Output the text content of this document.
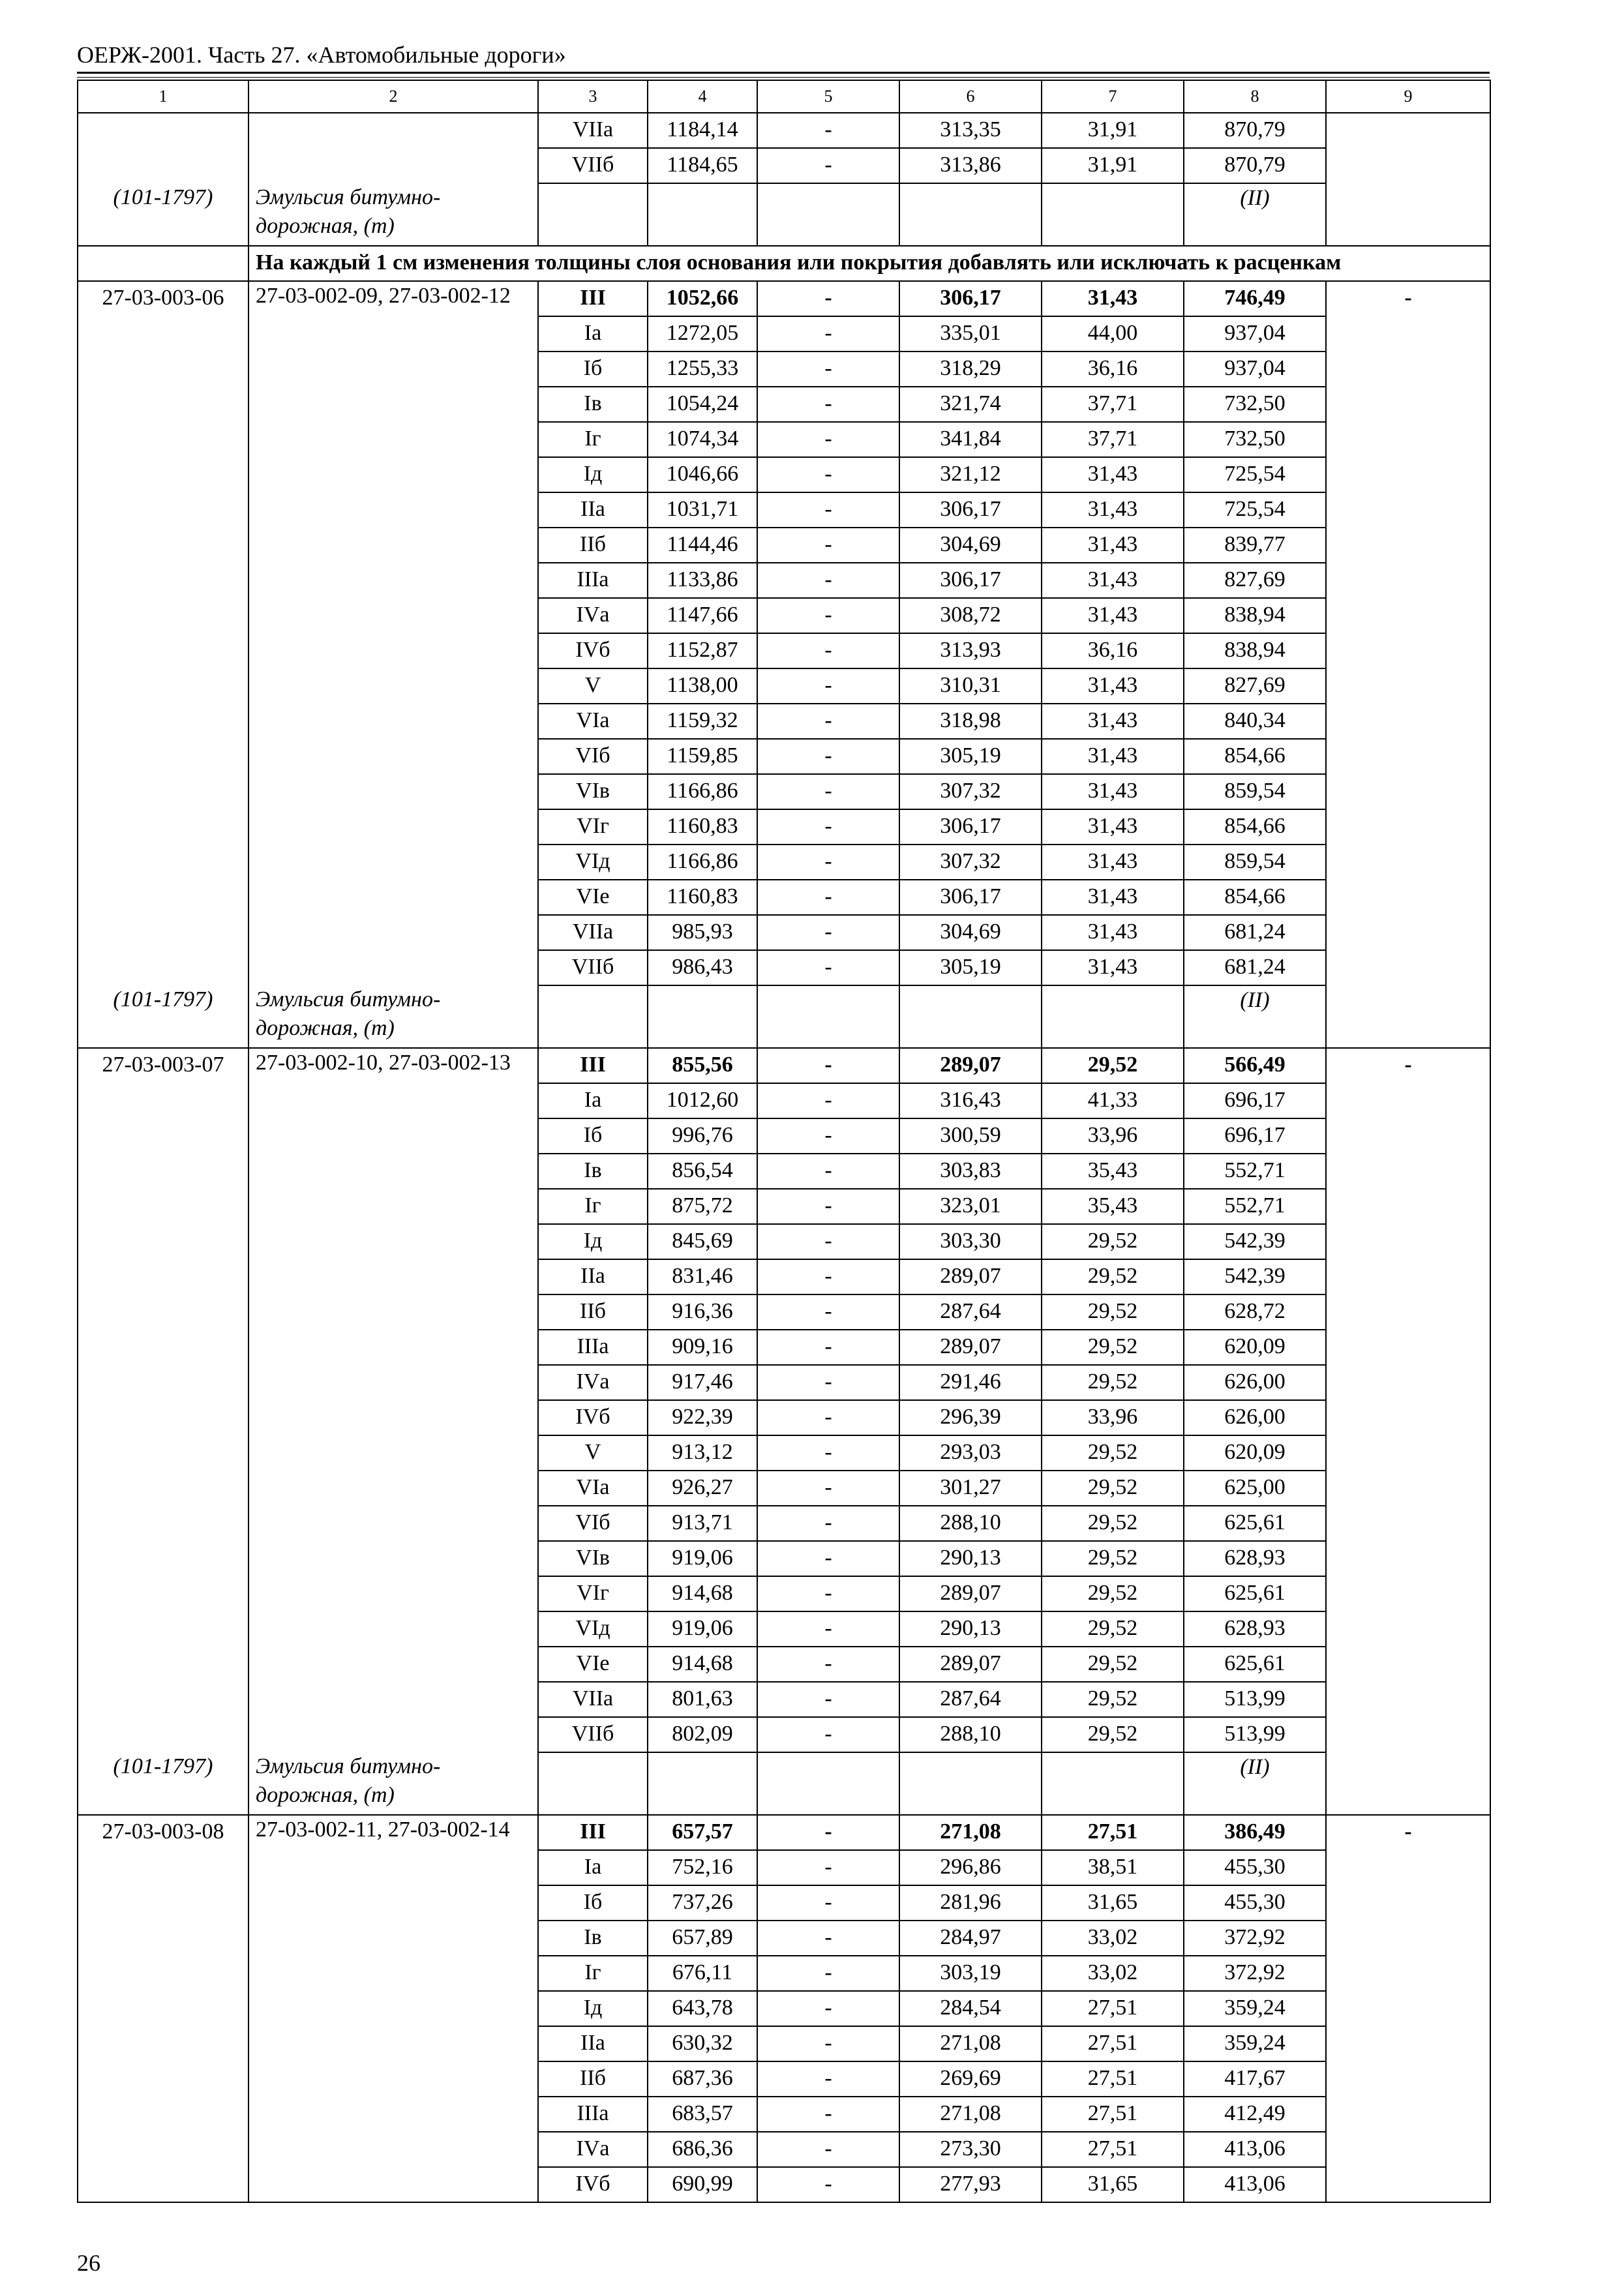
ОЕРЖ-2001. Часть 27. «Автомобильные дороги»
1	2	3	4	5	6	7	8	9
		VIIа	1184,14	-	313,35	31,91	870,79	
		VIIб	1184,65	-	313,86	31,91	870,79	
(101-1797)	Эмульсия битумно-дорожная, (т)						(II)	
	На каждый 1 см изменения толщины слоя основания или покрытия добавлять или исключать к расценкам							
27-03-003-06	27-03-002-09, 27-03-002-12	III	1052,66	-	306,17	31,43	746,49	-
		Iа	1272,05	-	335,01	44,00	937,04	
		Iб	1255,33	-	318,29	36,16	937,04	
		Iв	1054,24	-	321,74	37,71	732,50	
		Iг	1074,34	-	341,84	37,71	732,50	
		Iд	1046,66	-	321,12	31,43	725,54	
		IIа	1031,71	-	306,17	31,43	725,54	
		IIб	1144,46	-	304,69	31,43	839,77	
		IIIа	1133,86	-	306,17	31,43	827,69	
		IVа	1147,66	-	308,72	31,43	838,94	
		IVб	1152,87	-	313,93	36,16	838,94	
		V	1138,00	-	310,31	31,43	827,69	
		VIа	1159,32	-	318,98	31,43	840,34	
		VIб	1159,85	-	305,19	31,43	854,66	
		VIв	1166,86	-	307,32	31,43	859,54	
		VIг	1160,83	-	306,17	31,43	854,66	
		VIд	1166,86	-	307,32	31,43	859,54	
		VIе	1160,83	-	306,17	31,43	854,66	
		VIIа	985,93	-	304,69	31,43	681,24	
		VIIб	986,43	-	305,19	31,43	681,24	
(101-1797)	Эмульсия битумно-дорожная, (т)						(II)	
27-03-003-07	27-03-002-10, 27-03-002-13	III	855,56	-	289,07	29,52	566,49	-
		Iа	1012,60	-	316,43	41,33	696,17	
		Iб	996,76	-	300,59	33,96	696,17	
		Iв	856,54	-	303,83	35,43	552,71	
		Iг	875,72	-	323,01	35,43	552,71	
		Iд	845,69	-	303,30	29,52	542,39	
		IIа	831,46	-	289,07	29,52	542,39	
		IIб	916,36	-	287,64	29,52	628,72	
		IIIа	909,16	-	289,07	29,52	620,09	
		IVа	917,46	-	291,46	29,52	626,00	
		IVб	922,39	-	296,39	33,96	626,00	
		V	913,12	-	293,03	29,52	620,09	
		VIа	926,27	-	301,27	29,52	625,00	
		VIб	913,71	-	288,10	29,52	625,61	
		VIв	919,06	-	290,13	29,52	628,93	
		VIг	914,68	-	289,07	29,52	625,61	
		VIд	919,06	-	290,13	29,52	628,93	
		VIе	914,68	-	289,07	29,52	625,61	
		VIIа	801,63	-	287,64	29,52	513,99	
		VIIб	802,09	-	288,10	29,52	513,99	
(101-1797)	Эмульсия битумно-дорожная, (т)						(II)	
27-03-003-08	27-03-002-11, 27-03-002-14	III	657,57	-	271,08	27,51	386,49	-
		Iа	752,16	-	296,86	38,51	455,30	
		Iб	737,26	-	281,96	31,65	455,30	
		Iв	657,89	-	284,97	33,02	372,92	
		Iг	676,11	-	303,19	33,02	372,92	
		Iд	643,78	-	284,54	27,51	359,24	
		IIа	630,32	-	271,08	27,51	359,24	
		IIб	687,36	-	269,69	27,51	417,67	
		IIIа	683,57	-	271,08	27,51	412,49	
		IVа	686,36	-	273,30	27,51	413,06	
		IVб	690,99	-	277,93	31,65	413,06	
26
